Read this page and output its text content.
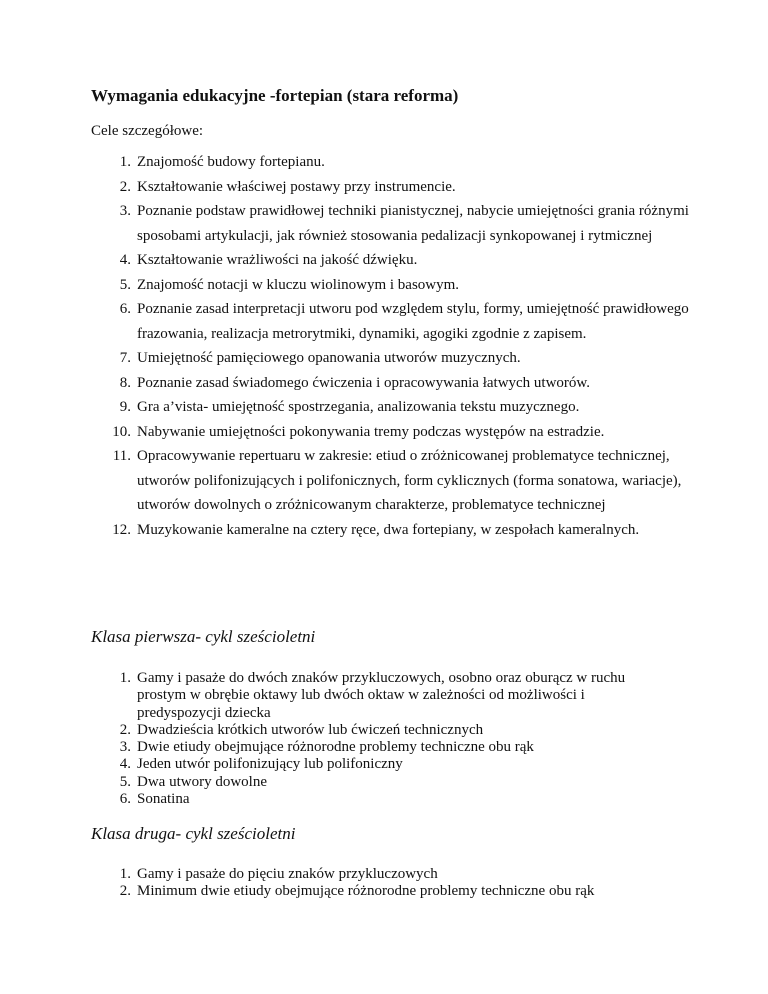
Wymagania edukacyjne -fortepian (stara reforma)

Cele szczegółowe:

1. Znajomość budowy fortepianu.
2. Kształtowanie właściwej postawy przy instrumencie.
3. Poznanie podstaw prawidłowej techniki pianistycznej, nabycie umiejętności grania różnymi sposobami artykulacji, jak również stosowania pedalizacji synkopowanej i rytmicznej
4. Kształtowanie wrażliwości na jakość dźwięku.
5. Znajomość notacji w kluczu wiolinowym i basowym.
6. Poznanie zasad interpretacji utworu pod względem stylu, formy, umiejętność prawidłowego frazowania, realizacja metrorytmiki, dynamiki, agogiki zgodnie z zapisem.
7. Umiejętność pamięciowego opanowania utworów muzycznych.
8. Poznanie zasad świadomego ćwiczenia i opracowywania łatwych utworów.
9. Gra a’vista- umiejętność spostrzegania, analizowania tekstu muzycznego.
10. Nabywanie umiejętności pokonywania tremy podczas występów na estradzie.
11. Opracowywanie repertuaru w zakresie: etiud o zróżnicowanej problematyce technicznej, utworów polifonizujących i polifonicznych, form cyklicznych (forma sonatowa, wariacje), utworów dowolnych o zróżnicowanym charakterze, problematyce technicznej
12. Muzykowanie kameralne na cztery ręce, dwa fortepiany, w zespołach kameralnych.
Klasa pierwsza- cykl sześcioletni
1. Gamy i pasaże do dwóch znaków przykluczowych, osobno oraz oburącz w ruchu prostym w obrębie oktawy lub dwóch oktaw w zależności od możliwości i predyspozycji dziecka
2. Dwadzieścia krótkich utworów lub ćwiczeń technicznych
3. Dwie etiudy obejmujące różnorodne problemy techniczne obu rąk
4. Jeden utwór polifonizujący lub polifoniczny
5. Dwa utwory dowolne
6. Sonatina
Klasa druga- cykl sześcioletni
1. Gamy i pasaże do pięciu znaków przykluczowych
2. Minimum dwie etiudy obejmujące różnorodne problemy techniczne obu rąk
